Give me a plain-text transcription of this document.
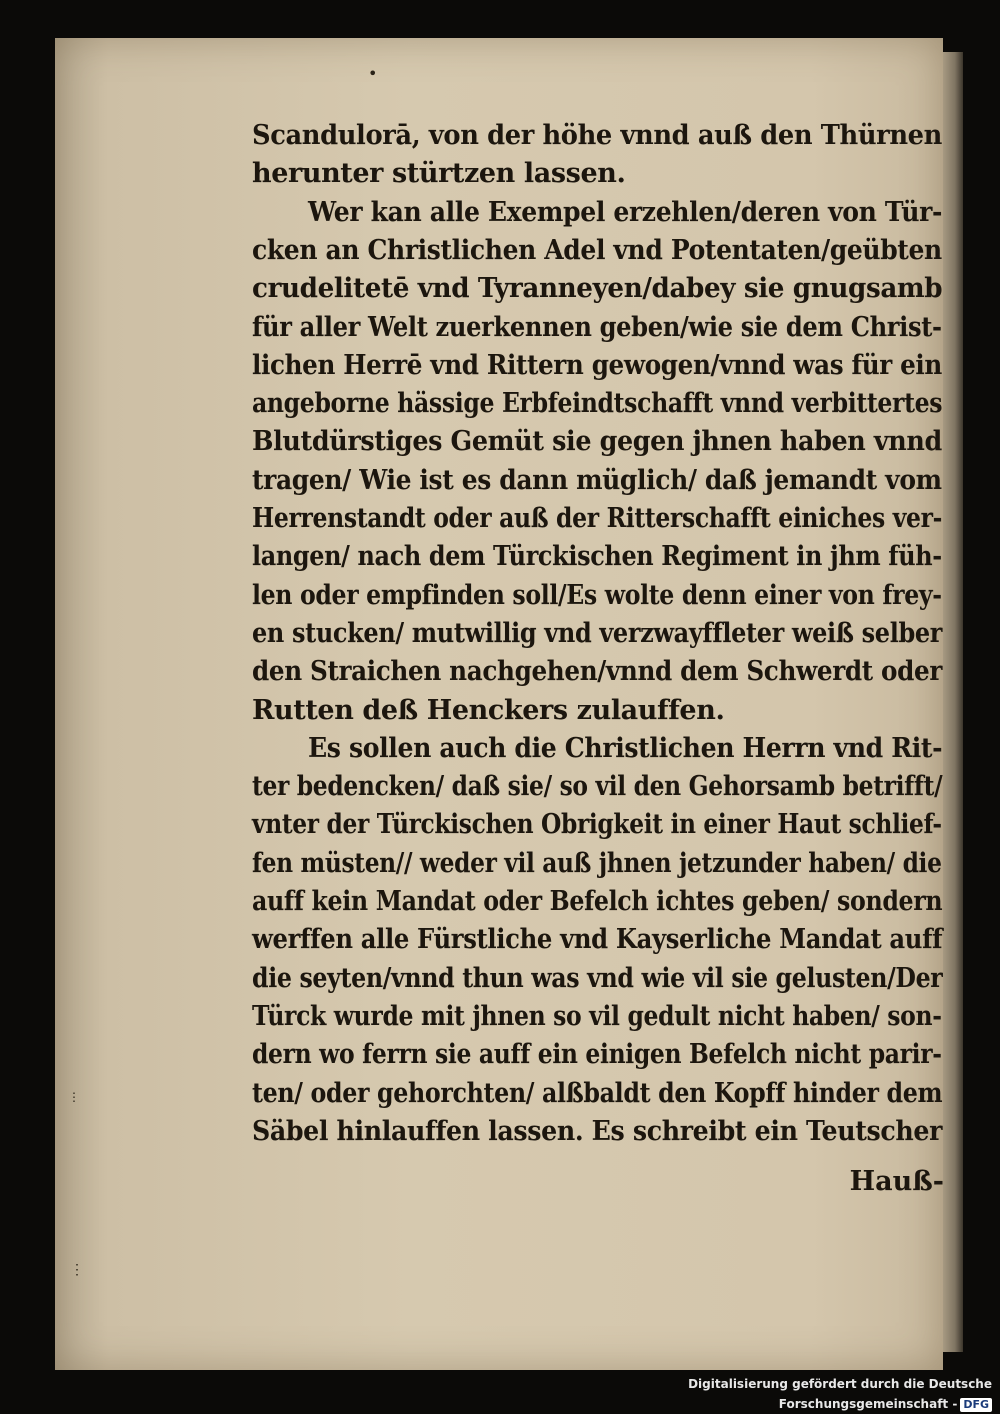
•
⋮
⋮
Scandulorā, von der höhe vnnd auß den Thürnen
herunter stürtzen lassen.
Wer kan alle Exempel erzehlen/deren von Tür-
cken an Christlichen Adel vnd Potentaten/geübten
crudelitetē vnd Tyranneyen/dabey sie gnugsamb
für aller Welt zuerkennen geben/wie sie dem Christ-
lichen Herrē vnd Rittern gewogen/vnnd was für ein
angeborne hässige Erbfeindtschafft vnnd verbittertes
Blutdürstiges Gemüt sie gegen jhnen haben vnnd
tragen/ Wie ist es dann müglich/ daß jemandt vom
Herrenstandt oder auß der Ritterschafft einiches ver-
langen/ nach dem Türckischen Regiment in jhm füh-
len oder empfinden soll/Es wolte denn einer von frey-
en stucken/ mutwillig vnd verzwayffleter weiß selber
den Straichen nachgehen/vnnd dem Schwerdt oder
Rutten deß Henckers zulauffen.
Es sollen auch die Christlichen Herrn vnd Rit-
ter bedencken/ daß sie/ so vil den Gehorsamb betrifft/
vnter der Türckischen Obrigkeit in einer Haut schlief-
fen müsten// weder vil auß jhnen jetzunder haben/ die
auff kein Mandat oder Befelch ichtes geben/ sondern
werffen alle Fürstliche vnd Kayserliche Mandat auff
die seyten/vnnd thun was vnd wie vil sie gelusten/Der
Türck wurde mit jhnen so vil gedult nicht haben/ son-
dern wo ferrn sie auff ein einigen Befelch nicht parir-
ten/ oder gehorchten/ alßbaldt den Kopff hinder dem
Säbel hinlauffen lassen. Es schreibt ein Teutscher
Hauß-
Digitalisierung gefördert durch die Deutsche Forschungsgemeinschaft - DFG
